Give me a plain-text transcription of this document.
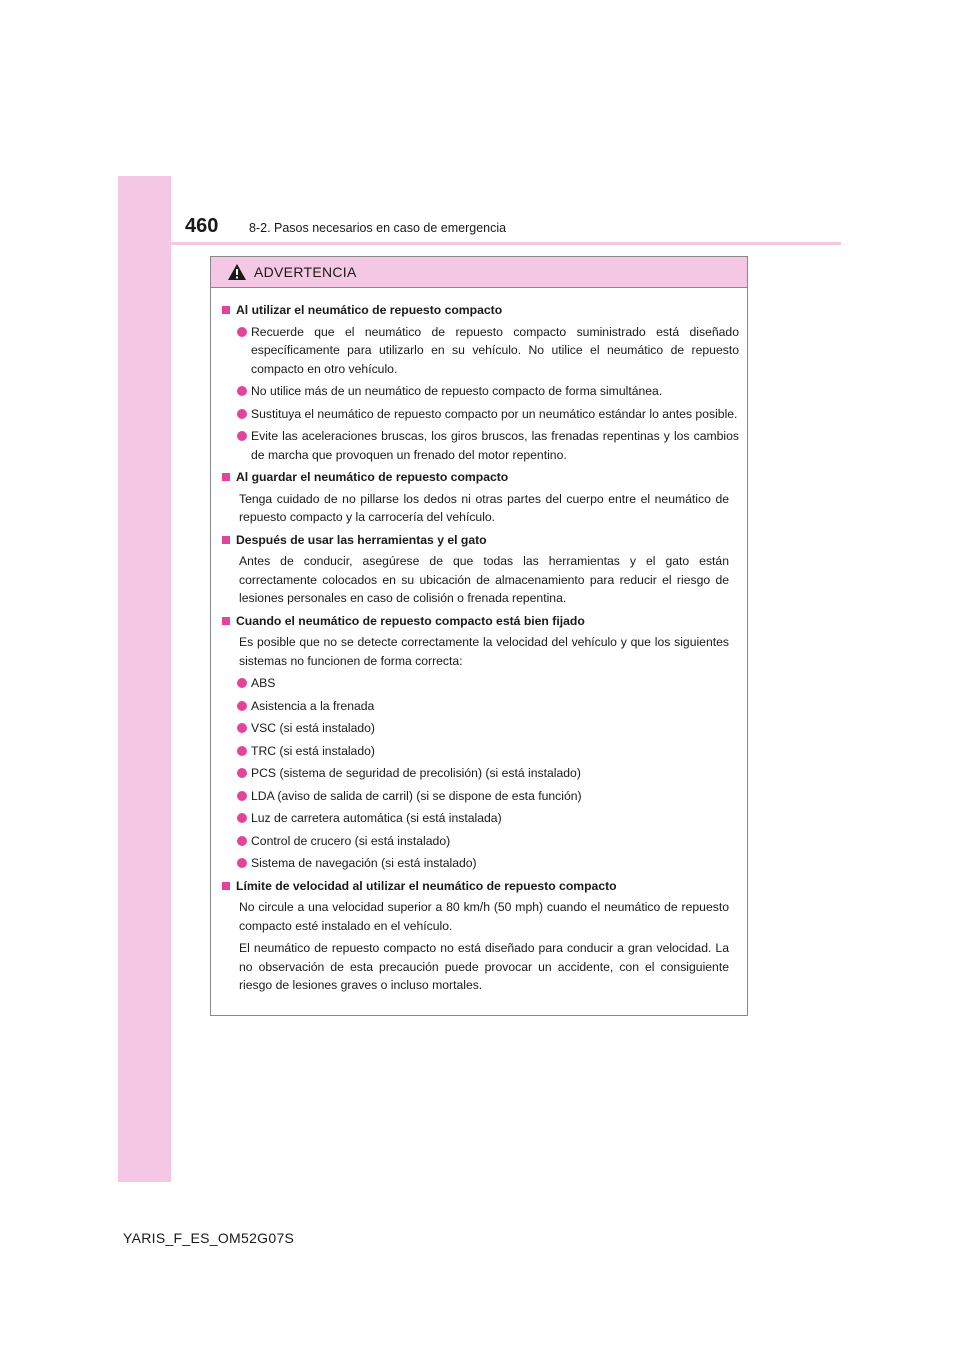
460 8-2. Pasos necesarios en caso de emergencia
ADVERTENCIA
Al utilizar el neumático de repuesto compacto
Recuerde que el neumático de repuesto compacto suministrado está diseñado específicamente para utilizarlo en su vehículo. No utilice el neumático de repuesto compacto en otro vehículo.
No utilice más de un neumático de repuesto compacto de forma simultánea.
Sustituya el neumático de repuesto compacto por un neumático estándar lo antes posible.
Evite las aceleraciones bruscas, los giros bruscos, las frenadas repentinas y los cambios de marcha que provoquen un frenado del motor repentino.
Al guardar el neumático de repuesto compacto
Tenga cuidado de no pillarse los dedos ni otras partes del cuerpo entre el neumático de repuesto compacto y la carrocería del vehículo.
Después de usar las herramientas y el gato
Antes de conducir, asegúrese de que todas las herramientas y el gato están correctamente colocados en su ubicación de almacenamiento para reducir el riesgo de lesiones personales en caso de colisión o frenada repentina.
Cuando el neumático de repuesto compacto está bien fijado
Es posible que no se detecte correctamente la velocidad del vehículo y que los siguientes sistemas no funcionen de forma correcta:
ABS
Asistencia a la frenada
VSC (si está instalado)
TRC (si está instalado)
PCS (sistema de seguridad de precolisión) (si está instalado)
LDA (aviso de salida de carril) (si se dispone de esta función)
Luz de carretera automática (si está instalada)
Control de crucero (si está instalado)
Sistema de navegación (si está instalado)
Límite de velocidad al utilizar el neumático de repuesto compacto
No circule a una velocidad superior a 80 km/h (50 mph) cuando el neumático de repuesto compacto esté instalado en el vehículo.
El neumático de repuesto compacto no está diseñado para conducir a gran velocidad. La no observación de esta precaución puede provocar un accidente, con el consiguiente riesgo de lesiones graves o incluso mortales.
YARIS_F_ES_OM52G07S
